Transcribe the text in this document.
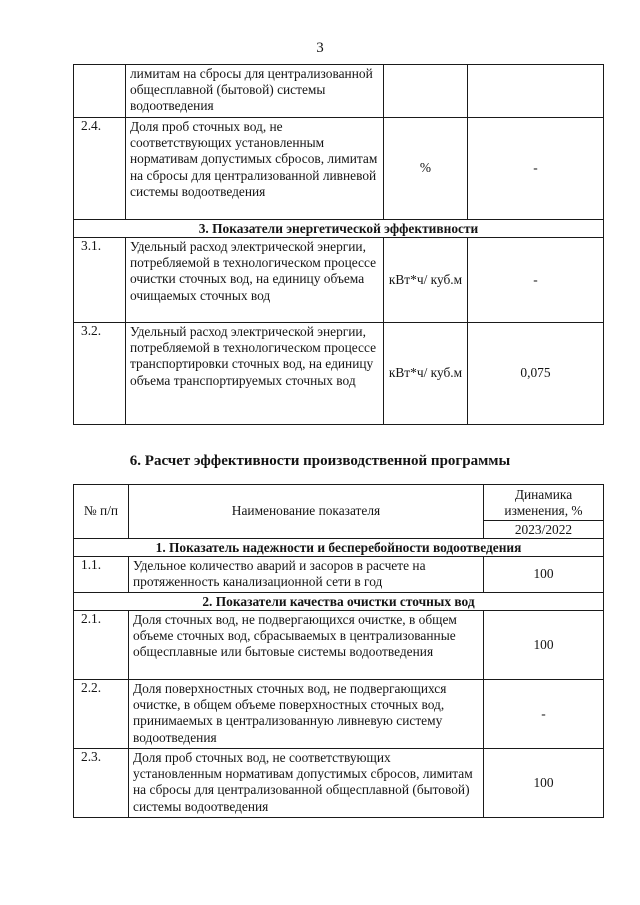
3
	лимитам на сбросы для централизованной общесплавной (бытовой) системы водоотведения		
2.4.	Доля проб сточных вод, не соответствующих установленным нормативам допустимых сбросов, лимитам на сбросы для централизованной ливневой системы водоотведения	%	-
3. Показатели энергетической эффективности			
3.1.	Удельный расход электрической энергии, потребляемой в технологическом процессе очистки сточных вод, на единицу объема очищаемых сточных вод	кВт*ч/ куб.м	-
3.2.	Удельный расход электрической энергии, потребляемой в технологическом процессе транспортировки сточных вод, на единицу объема транспортируемых сточных вод	кВт*ч/ куб.м	0,075
6. Расчет эффективности производственной программы
№ п/п	Наименование показателя	Динамика изменения, %
		2023/2022
1. Показатель надежности и бесперебойности водоотведения		
1.1.	Удельное количество аварий и засоров в расчете на протяженность канализационной сети в год	100
2. Показатели качества очистки сточных вод		
2.1.	Доля сточных вод, не подвергающихся очистке, в общем объеме сточных вод, сбрасываемых в централизованные общесплавные или бытовые системы водоотведения	100
2.2.	Доля поверхностных сточных вод, не подвергающихся очистке, в общем объеме поверхностных сточных вод, принимаемых в централизованную ливневую систему водоотведения	-
2.3.	Доля проб сточных вод, не соответствующих установленным нормативам допустимых сбросов, лимитам на сбросы для централизованной общесплавной (бытовой) системы водоотведения	100
